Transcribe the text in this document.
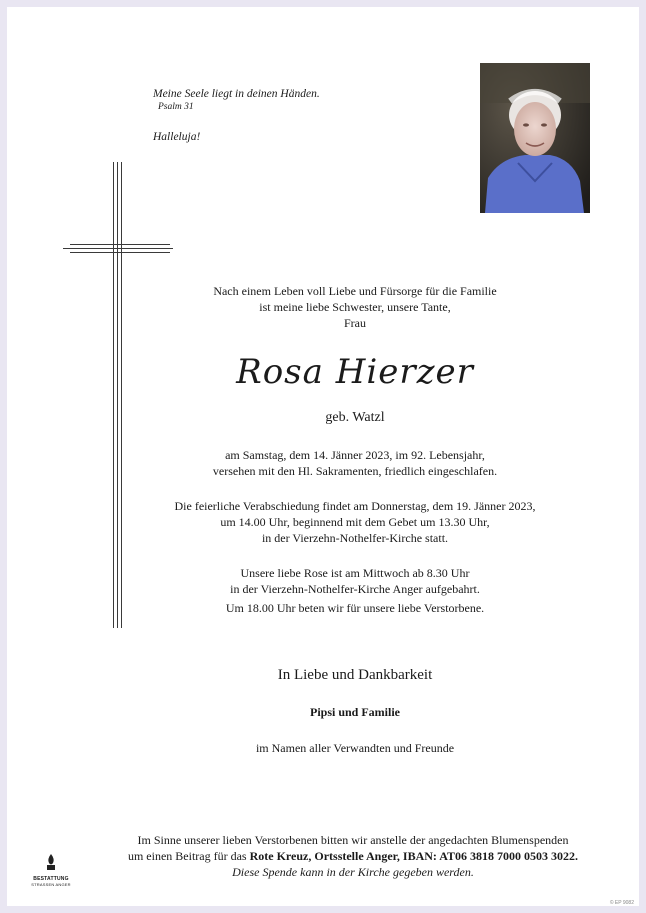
Meine Seele liegt in deinen Händen.
Psalm 31
Halleluja!
Nach einem Leben voll Liebe und Fürsorge für die Familie
ist meine liebe Schwester, unsere Tante,
Frau
Rosa Hierzer
geb. Watzl
am Samstag, dem 14. Jänner 2023, im 92. Lebensjahr,
versehen mit den Hl. Sakramenten, friedlich eingeschlafen.
Die feierliche Verabschiedung findet am Donnerstag, dem 19. Jänner 2023,
um 14.00 Uhr, beginnend mit dem Gebet um 13.30 Uhr,
in der Vierzehn-Nothelfer-Kirche statt.
Unsere liebe Rose ist am Mittwoch ab 8.30 Uhr
in der Vierzehn-Nothelfer-Kirche Anger aufgebahrt.
Um 18.00 Uhr beten wir für unsere liebe Verstorbene.
In Liebe und Dankbarkeit
Pipsi und Familie
im Namen aller Verwandten und Freunde
Im Sinne unserer lieben Verstorbenen bitten wir anstelle der angedachten Blumenspenden
um einen Beitrag für das Rote Kreuz, Ortsstelle Anger, IBAN: AT06 3818 7000 0503 3022.
Diese Spende kann in der Kirche gegeben werden.
BESTATTUNG
STRASSEN ANGER
© EP 9082
